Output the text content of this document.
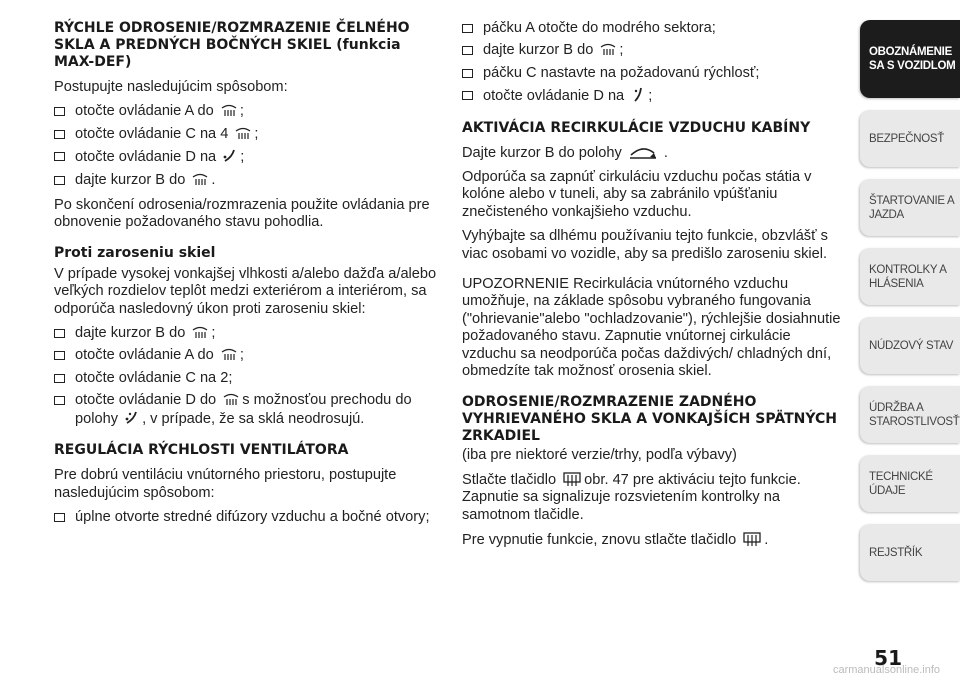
RÝCHLE ODROSENIE/ROZMRAZENIE ČELNÉHO SKLA A PREDNÝCH BOČNÝCH SKIEL (funkcia MAX-DEF)

Postupujte nasledujúcim spôsobom:

otočte ovládanie A do ;
otočte ovládanie C na 4 ;
otočte ovládanie D na ;
dajte kurzor B do .

Po skončení odrosenia/rozmrazenia použite ovládania pre obnovenie požadovaného stavu pohodlia.

Proti zaroseniu skiel

V prípade vysokej vonkajšej vlhkosti a/alebo dažďa a/alebo veľkých rozdielov teplôt medzi exteriérom a interiérom, sa odporúča nasledovný úkon proti zaroseniu skiel:

dajte kurzor B do ;
otočte ovládanie A do ;
otočte ovládanie C na 2;
otočte ovládanie D do s možnosťou prechodu do polohy , v prípade, že sa sklá neodrosujú.
REGULÁCIA RÝCHLOSTI VENTILÁTORA

Pre dobrú ventiláciu vnútorného priestoru, postupujte nasledujúcim spôsobom:

úplne otvorte stredné difúzory vzduchu a bočné otvory;
páčku A otočte do modrého sektora;
dajte kurzor B do ;
páčku C nastavte na požadovanú rýchlosť;
otočte ovládanie D na ;
AKTIVÁCIA RECIRKULÁCIE VZDUCHU KABÍNY

Dajte kurzor B do polohy	.

Odporúča sa zapnúť cirkuláciu vzduchu počas státia v kolóne alebo v tuneli, aby sa zabránilo vpúšťaniu znečisteného vonkajšieho vzduchu.

Vyhýbajte sa dlhému používaniu tejto funkcie, obzvlášť s viac osobami vo vozidle, aby sa predišlo zaroseniu skiel.

UPOZORNENIE Recirkulácia vnútorného vzduchu umožňuje, na základe spôsobu vybraného fungovania ("ohrievanie"alebo "ochladzovanie"), rýchlejšie dosiahnutie požadovaného stavu. Zapnutie vnútornej cirkulácie vzduchu sa neodporúča počas daždivých/ chladných dní, obmedzíte tak možnosť orosenia skiel.

ODROSENIE/ROZMRAZENIE ZADNÉHO VYHRIEVANÉHO SKLA A VONKAJŠÍCH SPÄTNÝCH ZRKADIEL

(iba pre niektoré verzie/trhy, podľa výbavy)

Stlačte tlačidlo obr. 47 pre aktiváciu tejto funkcie. Zapnutie sa signalizuje rozsvietením kontrolky na samotnom tlačidle.

Pre vypnutie funkcie, znovu stlačte tlačidlo .

OBOZNÁMENIE
SA S VOZIDLOM
BEZPEČNOSŤ
ŠTARTOVANIE A
JAZDA
KONTROLKY A
HLÁSENIA
NÚDZOVÝ STAV
ÚDRŽBA A
STAROSTLIVOSŤ
TECHNICKÉ ÚDAJE
REJSTŘÍK
51
carmanualsonline.info
